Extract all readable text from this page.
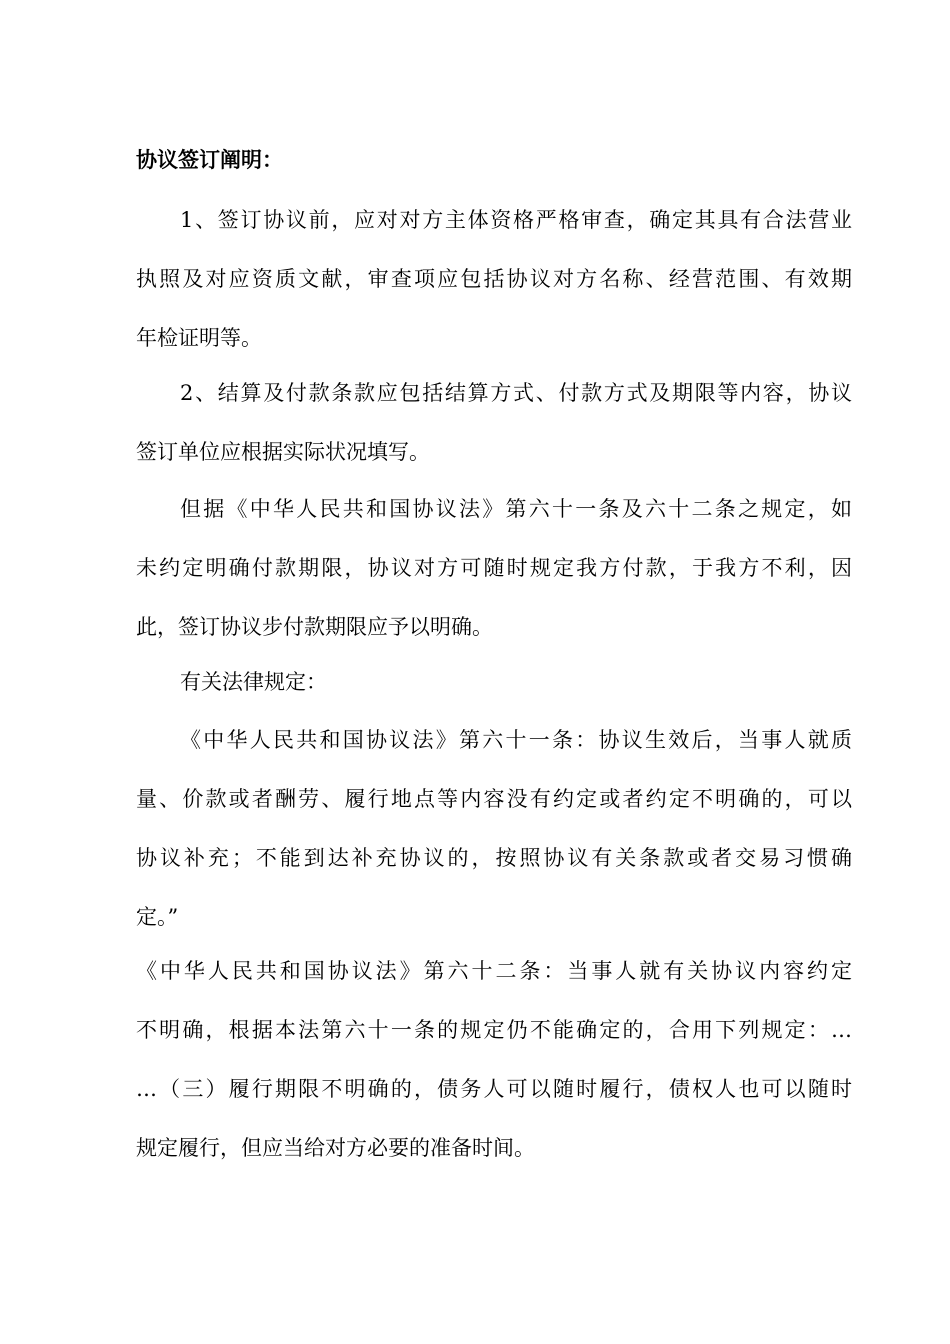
协议签订阐明：
1、签订协议前，应对对方主体资格严格审查，确定其具有合法营业
执照及对应资质文献，审查项应包括协议对方名称、经营范围、有效期
年检证明等。
2、结算及付款条款应包括结算方式、付款方式及期限等内容，协议
签订单位应根据实际状况填写。
但据《中华人民共和国协议法》第六十一条及六十二条之规定，如
未约定明确付款期限，协议对方可随时规定我方付款，于我方不利，因
此，签订协议步付款期限应予以明确。
有关法律规定：
《中华人民共和国协议法》第六十一条：协议生效后，当事人就质
量、价款或者酬劳、履行地点等内容没有约定或者约定不明确的，可以
协议补充；不能到达补充协议的，按照协议有关条款或者交易习惯确
定。”
《中华人民共和国协议法》第六十二条：当事人就有关协议内容约定
不明确，根据本法第六十一条的规定仍不能确定的，合用下列规定：…
…（三）履行期限不明确的，债务人可以随时履行，债权人也可以随时
规定履行，但应当给对方必要的准备时间。
